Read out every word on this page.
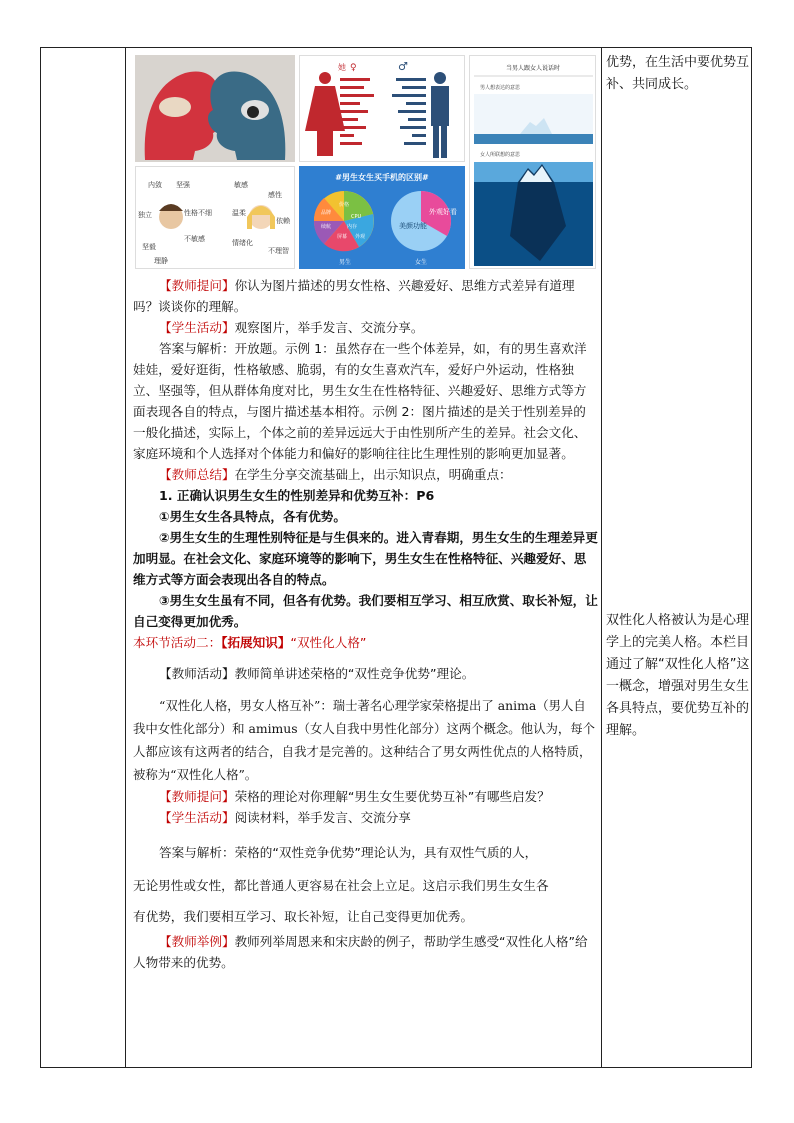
她 ♀	♂	当男人跟女人说话时
男人想表达的意思
女人所联想的意思
内敛 坚强
独立	性格不细
不敏感
坚毅
理静
敏感
感性
温柔
依赖
情绪化
不理智
#男生女生买手机的区别#
价格
CPU
内存
品牌
续航
屏幕 外观
外观好看
美颜功能
男生	女生

【教师提问】你认为图片描述的男女性格、兴趣爱好、思维方式差异有道理吗？谈谈你的理解。

【学生活动】观察图片，举手发言、交流分享。

答案与解析：开放题。示例 1：虽然存在一些个体差异，如，有的男生喜欢洋娃娃，爱好逛街，性格敏感、脆弱，有的女生喜欢汽车，爱好户外运动，性格独立、坚强等，但从群体角度对比，男生女生在性格特征、兴趣爱好、思维方式等方面表现各自的特点，与图片描述基本相符。示例 2：图片描述的是关于性别差异的一般化描述，实际上，个体之前的差异远远大于由性别所产生的差异。社会文化、家庭环境和个人选择对个体能力和偏好的影响往往比生理性别的影响更加显著。

【教师总结】在学生分享交流基础上，出示知识点，明确重点：

1. 正确认识男生女生的性别差异和优势互补：P6

①男生女生各具特点，各有优势。

②男生女生的生理性别特征是与生俱来的。进入青春期，男生女生的生理差异更加明显。在社会文化、家庭环境等的影响下，男生女生在性格特征、兴趣爱好、思维方式等方面会表现出各自的特点。

③男生女生虽有不同，但各有优势。我们要相互学习、相互欣赏、取长补短，让自己变得更加优秀。

本环节活动二：【拓展知识】“双性化人格”

【教师活动】教师简单讲述荣格的“双性竞争优势”理论。

“双性化人格，男女人格互补”：瑞士著名心理学家荣格提出了 anima（男人自我中女性化部分）和 amimus（女人自我中男性化部分）这两个概念。他认为，每个人都应该有这两者的结合，自我才是完善的。这种结合了男女两性优点的人格特质，被称为“双性化人格”。

【教师提问】荣格的理论对你理解“男生女生要优势互补”有哪些启发？

【学生活动】阅读材料，举手发言、交流分享

答案与解析：荣格的“双性竞争优势”理论认为，具有双性气质的人，

无论男性或女性，都比普通人更容易在社会上立足。这启示我们男生女生各

有优势，我们要相互学习、取长补短，让自己变得更加优秀。

【教师举例】教师列举周恩来和宋庆龄的例子，帮助学生感受“双性化人格”给人物带来的优势。

优势，在生活中要优势互补、共同成长。
双性化人格被认为是心理学上的完美人格。本栏目通过了解“双性化人格”这一概念，增强对男生女生各具特点，要优势互补的理解。
